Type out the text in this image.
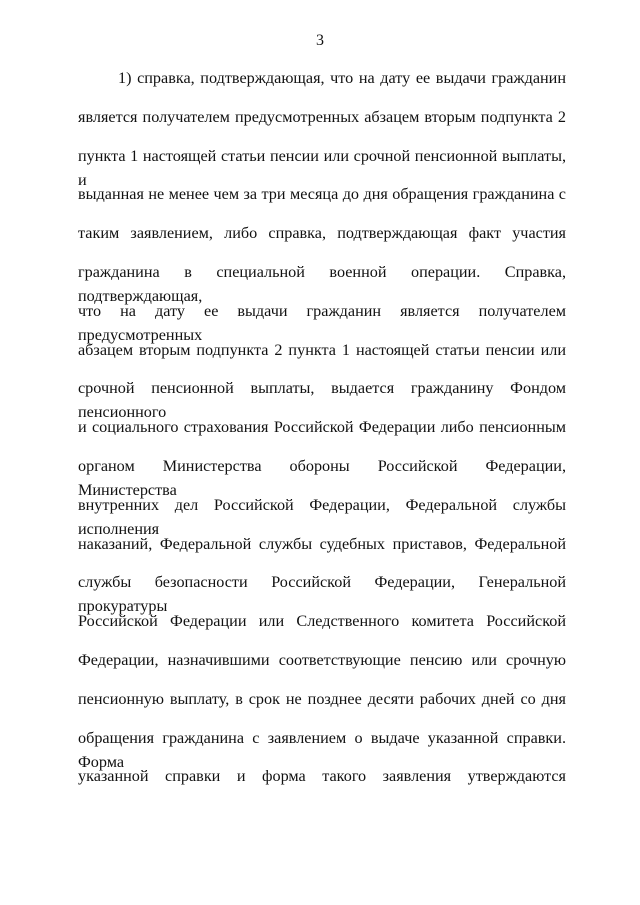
3
1) справка, подтверждающая, что на дату ее выдачи гражданин
является получателем предусмотренных абзацем вторым подпункта 2
пункта 1 настоящей статьи пенсии или срочной пенсионной выплаты, и
выданная не менее чем за три месяца до дня обращения гражданина с
таким заявлением, либо справка, подтверждающая факт участия
гражданина в специальной военной операции. Справка, подтверждающая,
что на дату ее выдачи гражданин является получателем предусмотренных
абзацем вторым подпункта 2 пункта 1 настоящей статьи пенсии или
срочной пенсионной выплаты, выдается гражданину Фондом пенсионного
и социального страхования Российской Федерации либо пенсионным
органом Министерства обороны Российской Федерации, Министерства
внутренних дел Российской Федерации, Федеральной службы исполнения
наказаний, Федеральной службы судебных приставов, Федеральной
службы безопасности Российской Федерации, Генеральной прокуратуры
Российской Федерации или Следственного комитета Российской
Федерации, назначившими соответствующие пенсию или срочную
пенсионную выплату, в срок не позднее десяти рабочих дней со дня
обращения гражданина с заявлением о выдаче указанной справки. Форма
указанной справки и форма такого заявления утверждаются
